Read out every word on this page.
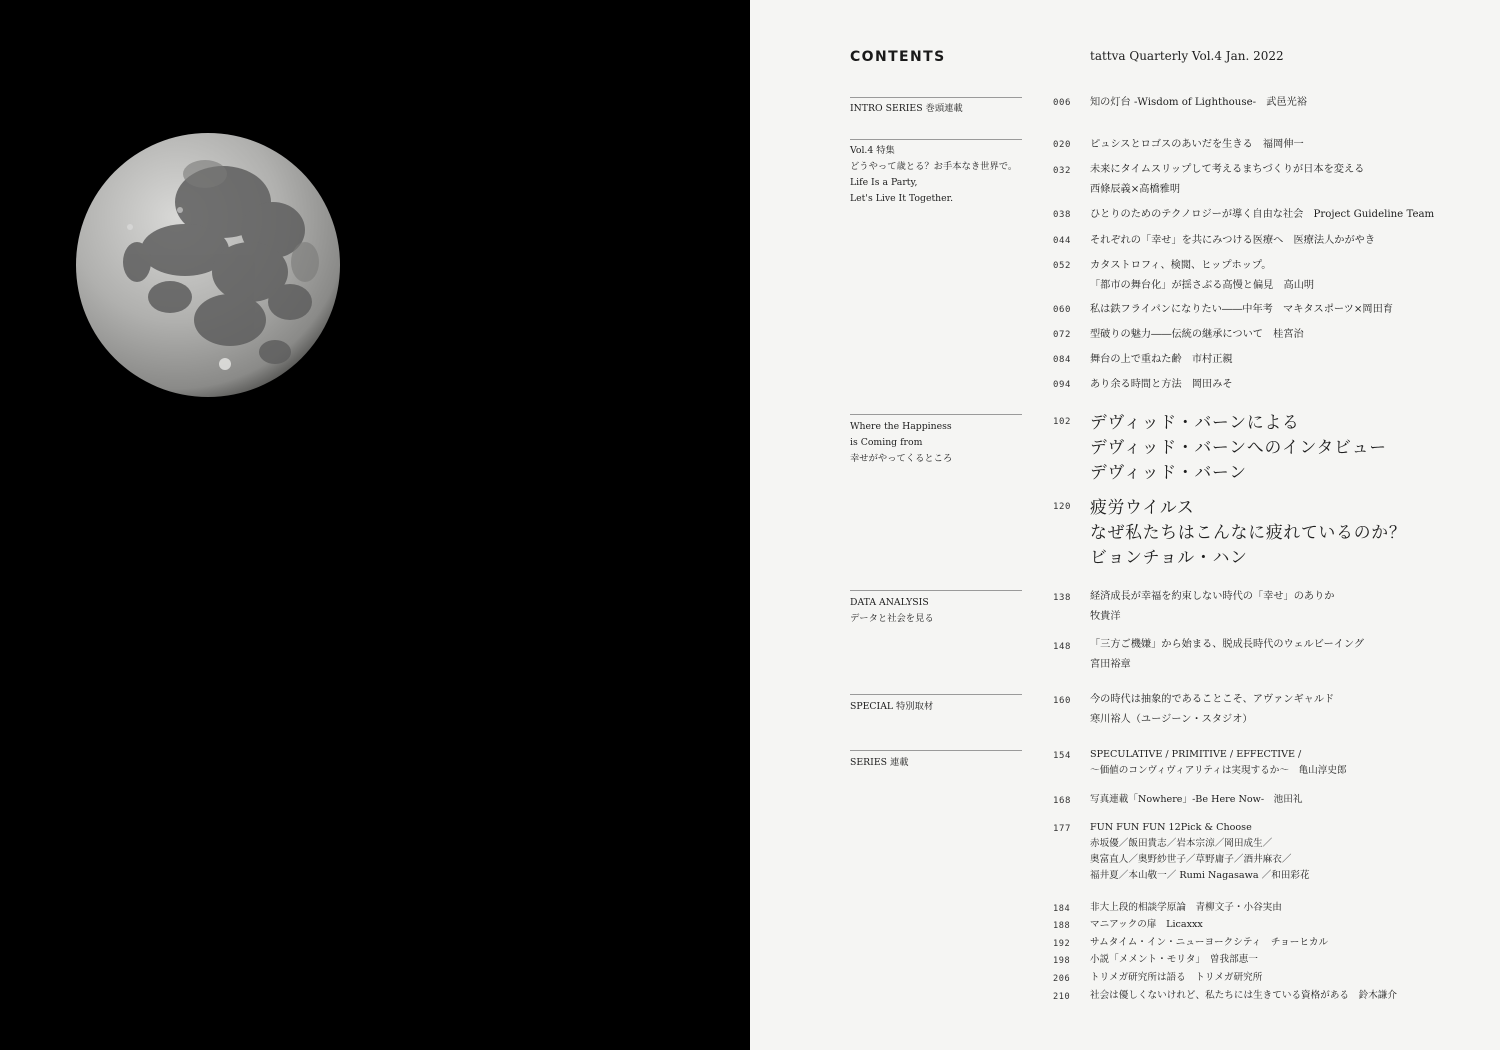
CONTENTS	tattva Quarterly Vol.4 Jan. 2022
INTRO SERIES 巻頭連載
Vol.4 特集
どうやって歳とる？お手本なき世界で。
Life Is a Party,
Let's Live It Together.
Where the Happiness
is Coming from
幸せがやってくるところ
DATA ANALYSIS
データと社会を見る
SPECIAL 特別取材
SERIES 連載
006 知の灯台 -Wisdom of Lighthouse-　武邑光裕
020 ピュシスとロゴスのあいだを生きる　福岡伸一
032 未来にタイムスリップして考えるまちづくりが日本を変える
西條辰義×高橋雅明
038 ひとりのためのテクノロジーが導く自由な社会　Project Guideline Team
044 それぞれの「幸せ」を共にみつける医療へ　医療法人かがやき
052 カタストロフィ、検閲、ヒップホップ。
「都市の舞台化」が揺さぶる高慢と偏見　高山明
060 私は鉄フライパンになりたい――中年考　マキタスポーツ×岡田育
072 型破りの魅力――伝統の継承について　桂宮治
084 舞台の上で重ねた齢　市村正親
094 あり余る時間と方法　岡田みそ
102 デヴィッド・バーンによる
デヴィッド・バーンへのインタビュー
デヴィッド・バーン
120 疲労ウイルス
なぜ私たちはこんなに疲れているのか？
ビョンチョル・ハン
138 経済成長が幸福を約束しない時代の「幸せ」のありか
牧貴洋
148 「三方ご機嫌」から始まる、脱成長時代のウェルビーイング
宮田裕章
160 今の時代は抽象的であることこそ、アヴァンギャルド
寒川裕人（ユージーン・スタジオ）
154 SPECULATIVE / PRIMITIVE / EFFECTIVE /
〜価値のコンヴィヴィアリティは実現するか〜　亀山淳史郎
168 写真連載「Nowhere」-Be Here Now-　池田礼
177 FUN FUN FUN 12Pick & Choose
赤坂優／飯田貴志／岩本宗涼／岡田成生／
奥富直人／奥野紗世子／草野庸子／酒井麻衣／
福井夏／本山敬一／ Rumi Nagasawa ／和田彩花
184 非大上段的相談学原論　青柳文子・小谷実由
188 マニアックの扉　Licaxxx
192 サムタイム・イン・ニューヨークシティ　チョーヒカル
198 小説「メメント・モリタ」　曽我部恵一
206 トリメガ研究所は語る　トリメガ研究所
210 社会は優しくないけれど、私たちには生きている資格がある　鈴木謙介
